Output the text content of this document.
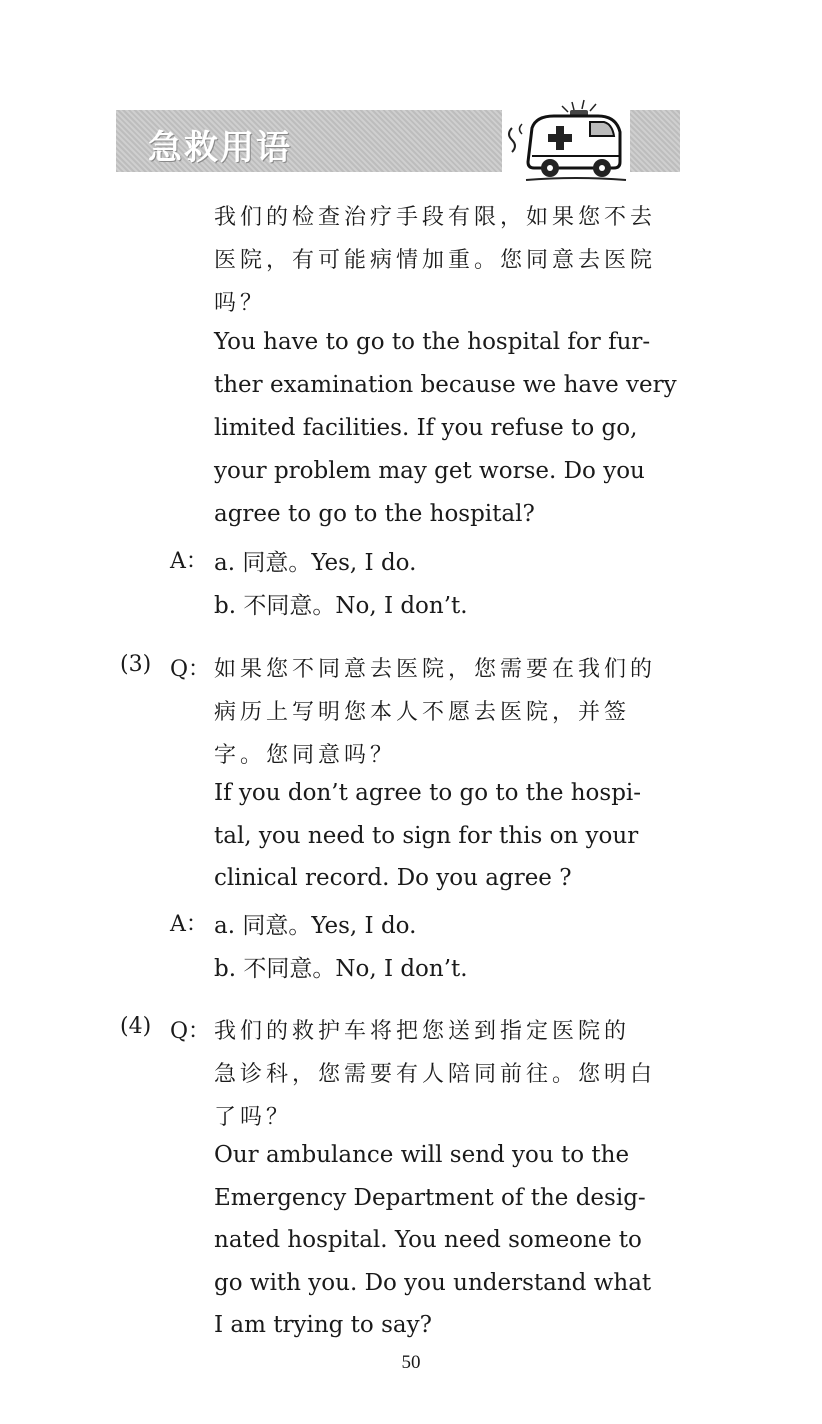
急救用语
我们的检查治疗手段有限，如果您不去
医院，有可能病情加重。您同意去医院
吗？
You have to go to the hospital for fur-
ther examination because we have very
limited facilities. If you refuse to go,
your problem may get worse. Do you
agree to go to the hospital?
A： a. 同意。Yes, I do.
b. 不同意。No, I don’t.
(3) Q： 如果您不同意去医院，您需要在我们的
病历上写明您本人不愿去医院，并签
字。您同意吗？
If you don’t agree to go to the hospi-
tal, you need to sign for this on your
clinical record. Do you agree ?
A： a. 同意。Yes, I do.
b. 不同意。No, I don’t.
(4) Q： 我们的救护车将把您送到指定医院的
急诊科，您需要有人陪同前往。您明白
了吗？
Our ambulance will send you to the
Emergency Department of the desig-
nated hospital. You need someone to
go with you. Do you understand what
I am trying to say?
50
